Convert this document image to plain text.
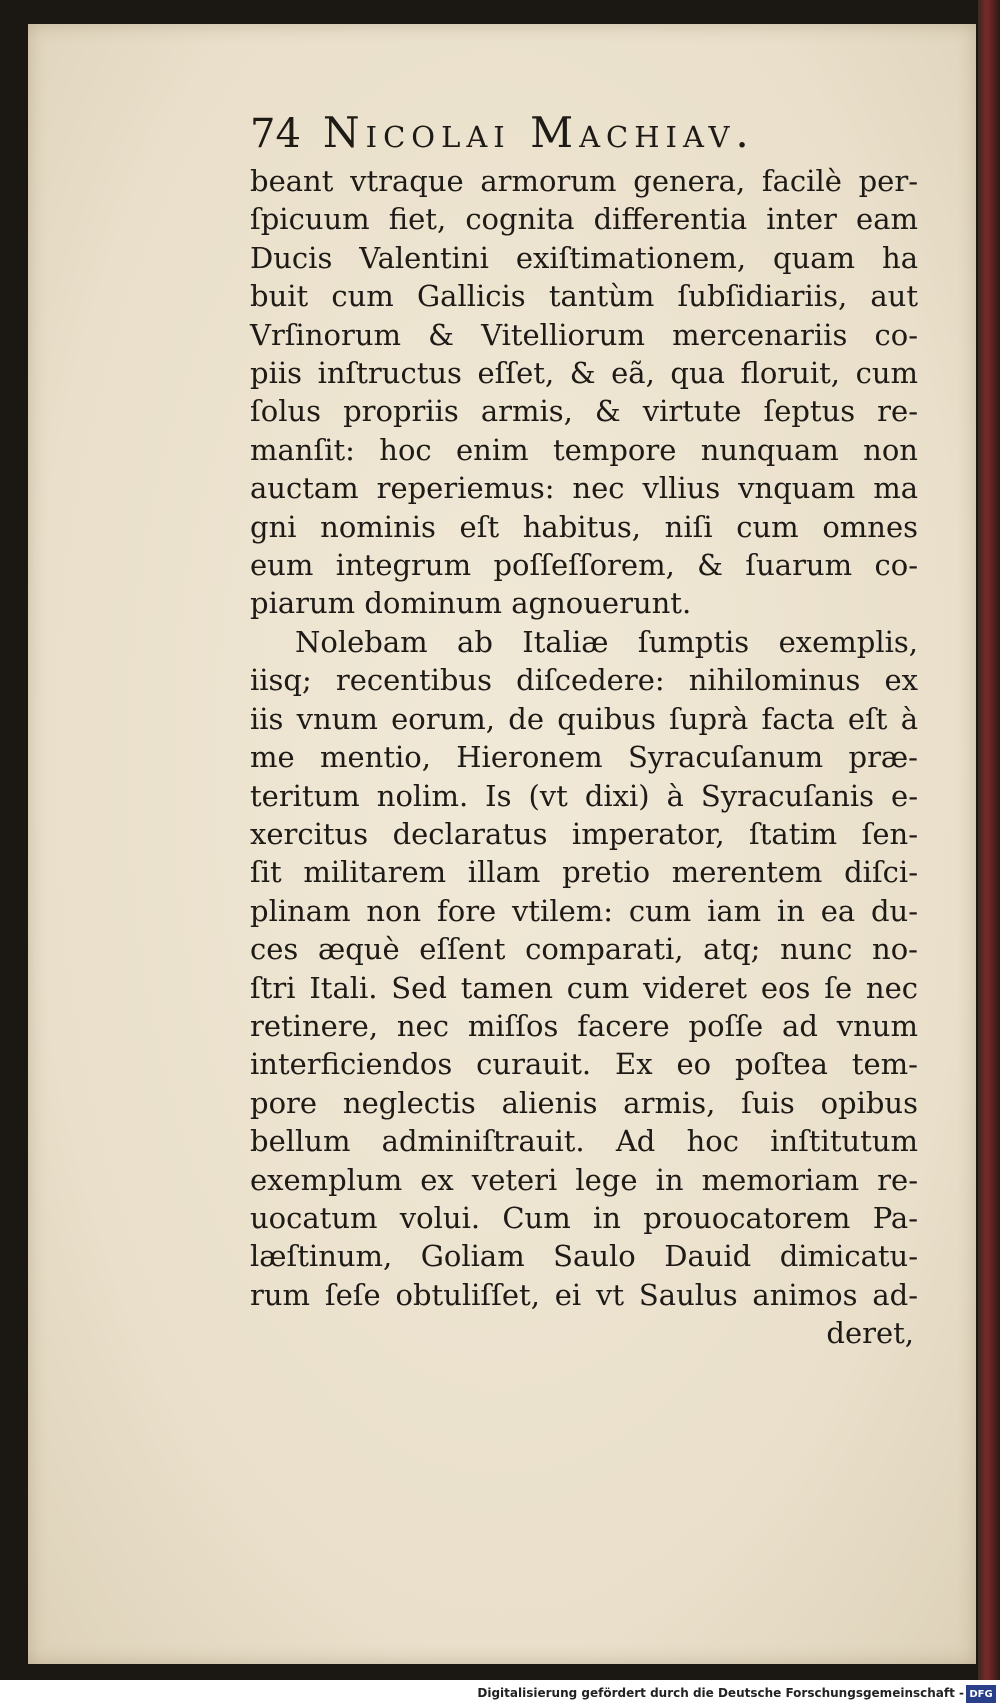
74 Nicolai Machiav.
beant vtraque armorum genera, facilè per-
ſpicuum fiet, cognita differentia inter eam
Ducis Valentini exiſtimationem, quam ha
buit cum Gallicis tantùm ſubſidiariis, aut
Vrſinorum & Vitelliorum mercenariis co-
piis inſtructus eſſet, & eã, qua floruit, cum
ſolus propriis armis, & virtute ſeptus re-
manſit: hoc enim tempore nunquam non
auctam reperiemus: nec vllius vnquam ma
gni nominis eſt habitus, niſi cum omnes
eum integrum poſſeſſorem, & ſuarum co-
piarum dominum agnouerunt.
Nolebam ab Italiæ ſumptis exemplis,
iisq; recentibus diſcedere: nihilominus ex
iis vnum eorum, de quibus ſuprà facta eſt à
me mentio, Hieronem Syracuſanum præ-
teritum nolim. Is (vt dixi) à Syracuſanis e-
xercitus declaratus imperator, ſtatim ſen-
ſit militarem illam pretio merentem diſci-
plinam non fore vtilem: cum iam in ea du-
ces æquè eſſent comparati, atq; nunc no-
ſtri Itali. Sed tamen cum videret eos ſe nec
retinere, nec miſſos facere poſſe ad vnum
interficiendos curauit. Ex eo poſtea tem-
pore neglectis alienis armis, ſuis opibus
bellum adminiſtrauit. Ad hoc inſtitutum
exemplum ex veteri lege in memoriam re-
uocatum volui. Cum in prouocatorem Pa-
læſtinum, Goliam Saulo Dauid dimicatu-
rum ſeſe obtuliſſet, ei vt Saulus animos ad-
deret,
Digitalisierung gefördert durch die Deutsche Forschungsgemeinschaft - DFG
